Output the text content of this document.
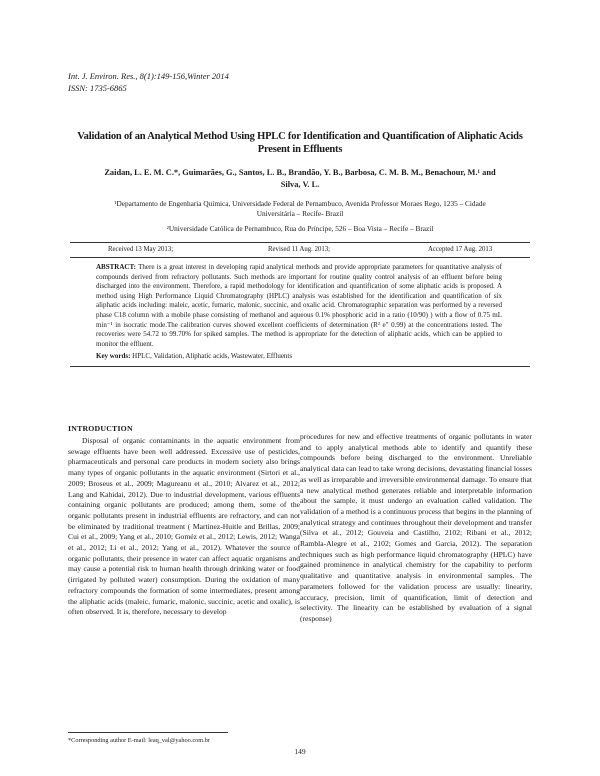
Int. J. Environ. Res., 8(1):149-156,Winter 2014
ISSN: 1735-6865
Validation of an Analytical Method Using HPLC for Identification and Quantification of Aliphatic Acids Present in Effluents
Zaidan, L. E. M. C.*, Guimarães, G., Santos, L. B., Brandão, Y. B., Barbosa, C. M. B. M., Benachour, M.¹ and Silva, V. L.
¹Departamento de Engenharia Química, Universidade Federal de Pernambuco, Avenida Professor Moraes Rego, 1235 – Cidade Universitária – Recife- Brazil
²Universidade Católica de Pernambuco, Rua do Príncipe, 526 – Boa Vista – Recife – Brazil
Received 13 May 2013;	Revised 11 Aug. 2013;	Accepted 17 Aug. 2013
ABSTRACT: There is a great interest in developing rapid analytical methods and provide appropriate parameters for quantitative analysis of compounds derived from refractory pollutants. Such methods are important for routine quality control analysis of an effluent before being discharged into the environment. Therefore, a rapid methodology for identification and quantification of some aliphatic acids is proposed. A method using High Performance Liquid Chromatography (HPLC) analysis was established for the identification and quantification of six aliphatic acids including: maleic, acetic, fumaric, malonic, succinic, and oxalic acid. Chromatographic separation was performed by a reversed phase C18 column with a mobile phase consisting of methanol and aqueous 0.1% phosphoric acid in a ratio (10/90) ) with a flow of 0.75 mL min⁻¹ in isocratic mode.The calibration curves showed excellent coefficients of determination (R² e" 0.99) at the concentrations tested. The recoveries were 54.72 to 99.70% for spiked samples. The method is appropriate for the detection of aliphatic acids, which can be applied to monitor the effluent.
Key words: HPLC, Validation, Aliphatic acids, Wastewater, Effluents
INTRODUCTION

Disposal of organic contaminants in the aquatic environment from sewage effluents have been well addressed. Excessive use of pesticides, pharmaceuticals and personal care products in modern society also brings many types of organic pollutants in the aquatic environment (Sirtori et al., 2009; Broseus et al., 2009; Magureanu et al., 2010; Alvarez et al., 2012; Lang and Kahidai, 2012). Due to industrial development, various effluents containing organic pollutants are produced; among them, some of the organic pollutants present in industrial effluents are refractory, and can not be eliminated by traditional treatment ( Martinez-Huitle and Brillas, 2009; Cui et al., 2009; Yang et al., 2010; Goméz et al., 2012; Lewis, 2012; Wanga et al., 2012; Li et al., 2012; Yang et al., 2012). Whatever the source of organic pollutants, their presence in water can affect aquatic organisms and may cause a potential risk to human health through drinking water or food (irrigated by polluted water) consumption. During the oxidation of many refractory compounds the formation of some intermediates, present among the aliphatic acids (maleic, fumaric, malonic, succinic, acetic and oxalic), is often observed. It is, therefore, necessary to develop

procedures for new and effective treatments of organic pollutants in water and to apply analytical methods able to identify and quantify these compounds before being discharged to the environment. Unreliable analytical data can lead to take wrong decisions, devastating financial losses as well as irreparable and irreversible environmental damage. To ensure that a new analytical method generates reliable and interpretable information about the sample, it must undergo an evaluation called validation. The validation of a method is a continuous process that begins in the planning of analytical strategy and continues throughout their development and transfer (Silva et al., 2012; Gouveia and Castilho, 2102; Ribani et al., 2012; Rambla-Alegre et al., 2102; Gomes and Garcia, 2012). The separation techniques such as high performance liquid chromatography (HPLC) have gained prominence in analytical chemistry for the capability to perform qualitative and quantitative analysis in environmental samples. The parameters followed for the validation process are usually: linearity, accuracy, precision, limit of quantification, limit of detection and selectivity. The linearity can be established by evaluation of a signal (response)

*Corresponding author E-mail: leaq_val@yahoo.com.br
149
